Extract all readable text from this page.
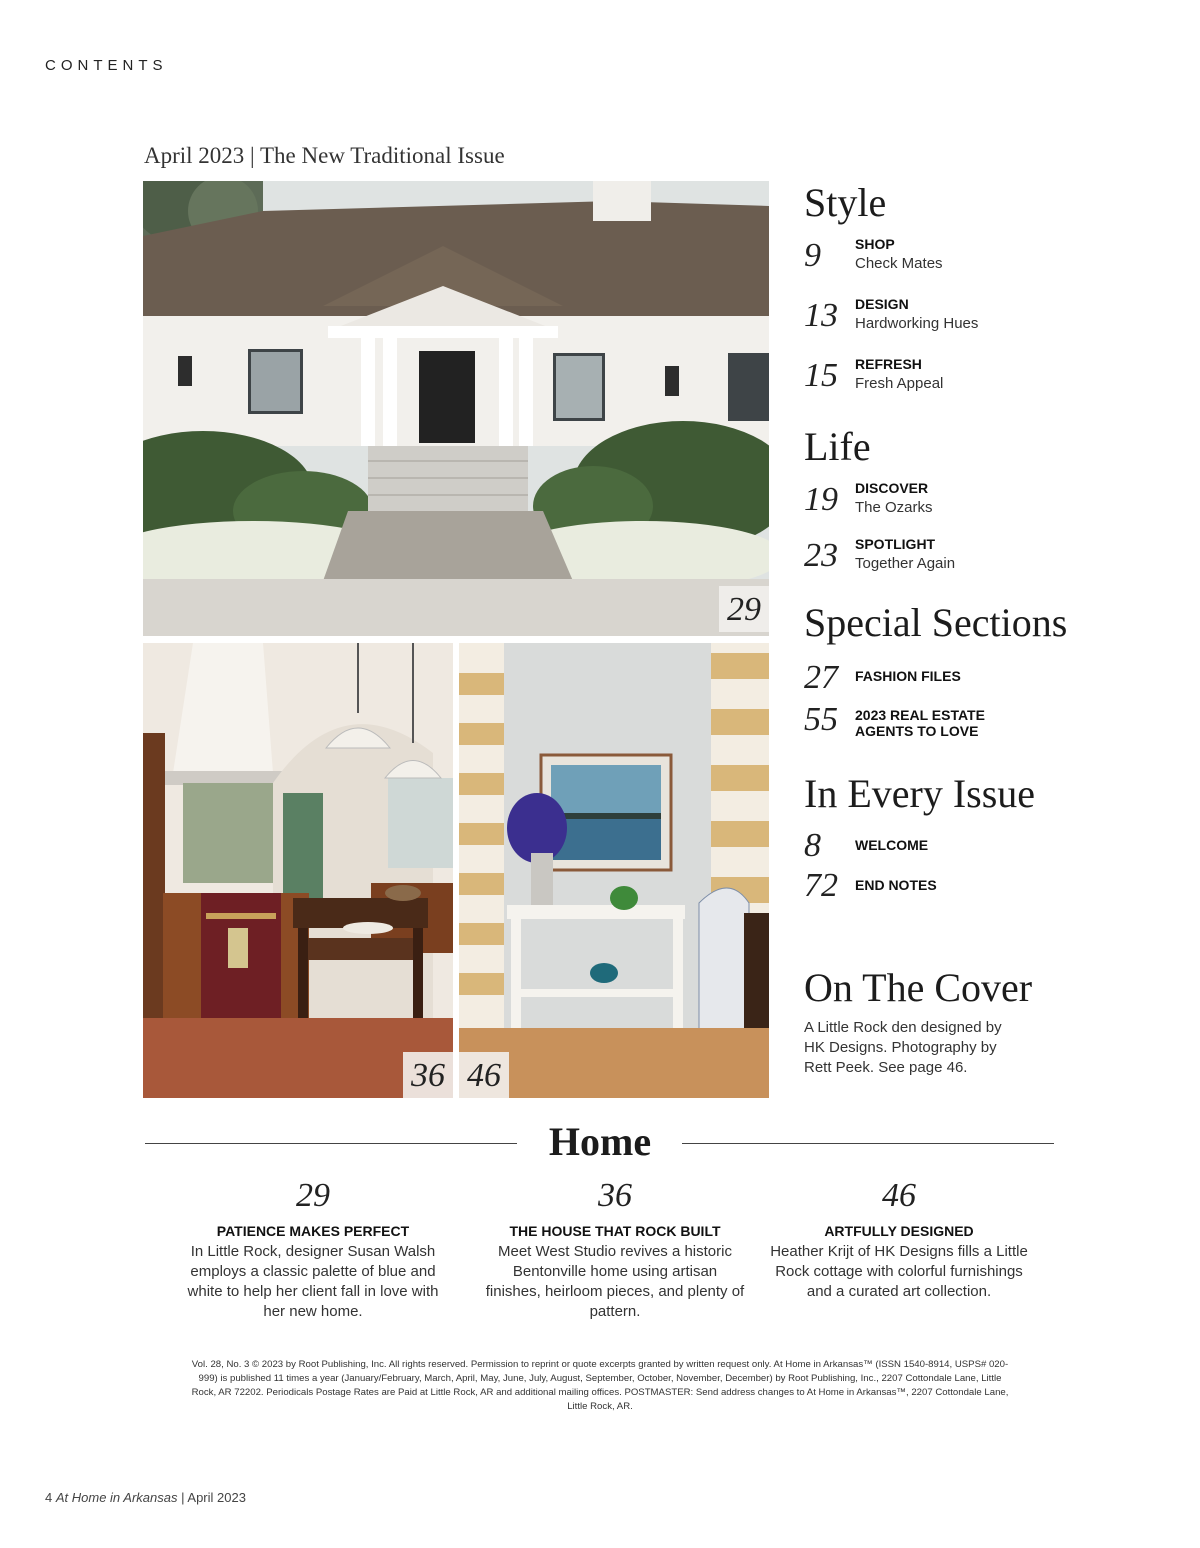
CONTENTS
April 2023 | The New Traditional Issue
29
36 46
Style
9 SHOP
Check Mates
13 DESIGN
Hardworking Hues
15 REFRESH
Fresh Appeal
Life
19 DISCOVER
The Ozarks
23 SPOTLIGHT
Together Again
Special Sections
27 FASHION FILES
55 2023 REAL ESTATE
AGENTS TO LOVE
In Every Issue
8 WELCOME
72 END NOTES
On The Cover

A Little Rock den designed by HK Designs. Photography by Rett Peek. See page 46.

Home
29
PATIENCE MAKES PERFECT
In Little Rock, designer Susan Walsh employs a classic palette of blue and white to help her client fall in love with her new home.
36
THE HOUSE THAT ROCK BUILT
Meet West Studio revives a historic Bentonville home using artisan finishes, heirloom pieces, and plenty of pattern.
46
ARTFULLY DESIGNED
Heather Krijt of HK Designs fills a Little Rock cottage with colorful furnishings and a curated art collection.

Vol. 28, No. 3 © 2023 by Root Publishing, Inc. All rights reserved. Permission to reprint or quote excerpts granted by written request only. At Home in Arkansas™ (ISSN 1540-8914, USPS# 020-999) is published 11 times a year (January/February, March, April, May, June, July, August, September, October, November, December) by Root Publishing, Inc., 2207 Cottondale Lane, Little Rock, AR 72202. Periodicals Postage Rates are Paid at Little Rock, AR and additional mailing offices. POSTMASTER: Send address changes to At Home in Arkansas™, 2207 Cottondale Lane, Little Rock, AR.

4 At Home in Arkansas | April 2023
